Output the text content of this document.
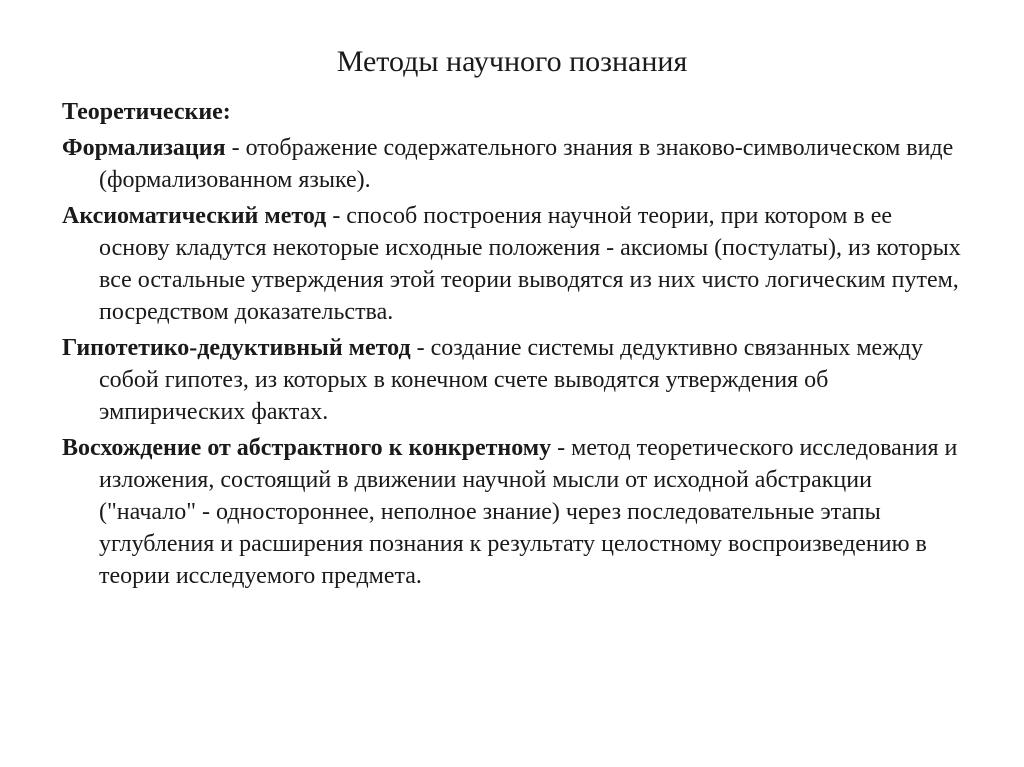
Методы научного познания

Теоретические:

Формализация - отображение содержательного знания в знаково-символическом виде (формализованном языке).

Аксиоматический метод - способ построения научной теории, при котором в ее основу кладутся некоторые исходные положения - аксиомы (постулаты), из которых все остальные утверждения этой теории выводятся из них чисто логическим путем, посредством доказательства.

Гипотетико-дедуктивный метод - создание системы дедуктивно связанных между собой гипотез, из которых в конечном счете выводятся утверждения об эмпирических фактах.

Восхождение от абстрактного к конкретному - метод теоретического исследования и изложения, состоящий в движении научной мысли от исходной абстракции ("начало" - одностороннее, неполное знание) через последовательные этапы углубления и расширения познания к результату целостному воспроизведению в теории исследуемого предмета.
